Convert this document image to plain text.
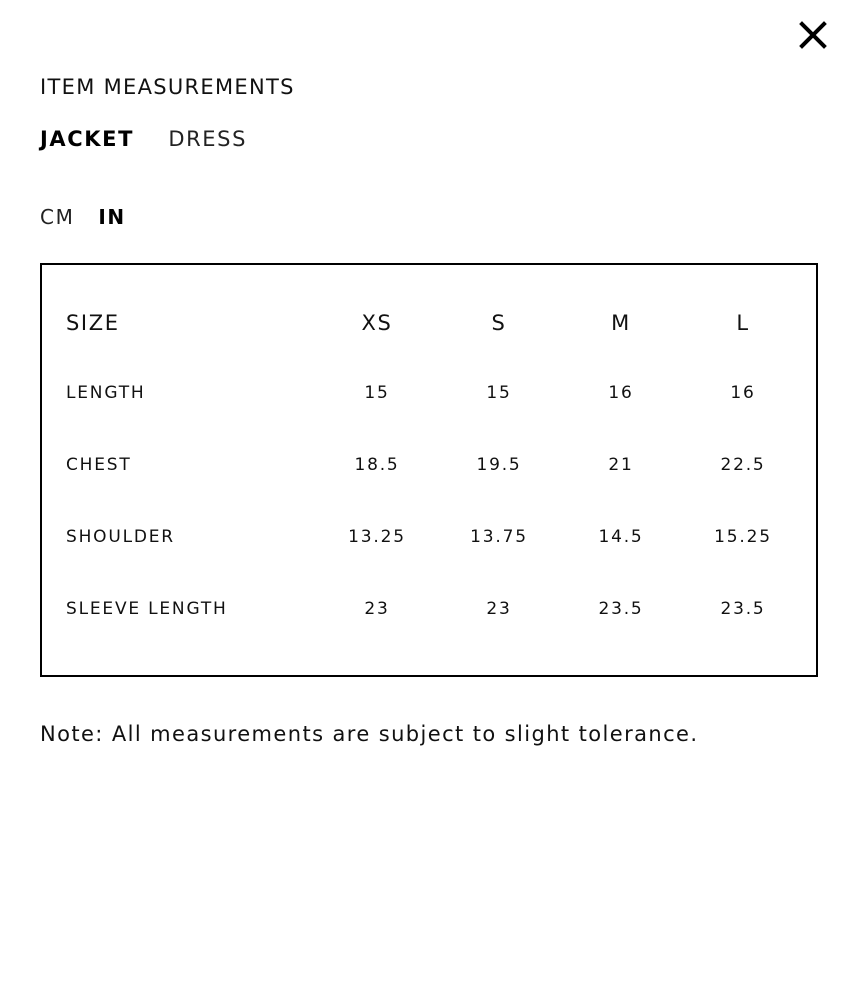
ITEM MEASUREMENTS
JACKET DRESS
CM IN
SIZE	XS	S	M	L
LENGTH	15	15	16	16
CHEST	18.5	19.5	21	22.5
SHOULDER	13.25	13.75	14.5	15.25
SLEEVE LENGTH	23	23	23.5	23.5
Note: All measurements are subject to slight tolerance.
